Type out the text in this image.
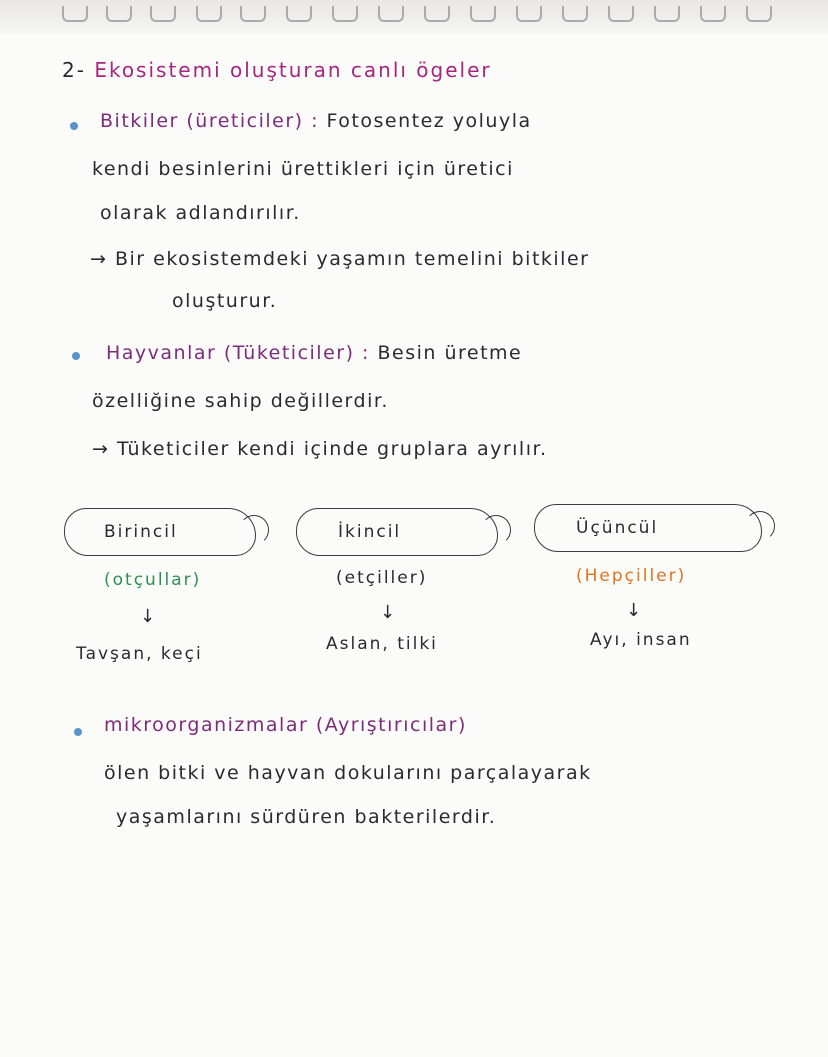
2- Ekosistemi oluşturan canlı ögeler
Bitkiler (üreticiler) : Fotosentez yoluyla
kendi besinlerini ürettikleri için üretici
olarak adlandırılır.
→ Bir ekosistemdeki yaşamın temelini bitkiler
oluşturur.
Hayvanlar (Tüketiciler) : Besin üretme
özelliğine sahip değillerdir.
→ Tüketiciler kendi içinde gruplara ayrılır.
Birincil
(otçullar)
↓
Tavşan, keçi
İkincil
(etçiller)
↓
Aslan, tilki
Üçüncül
(Hepçiller)
↓
Ayı, insan
mikroorganizmalar (Ayrıştırıcılar)
ölen bitki ve hayvan dokularını parçalayarak
yaşamlarını sürdüren bakterilerdir.
